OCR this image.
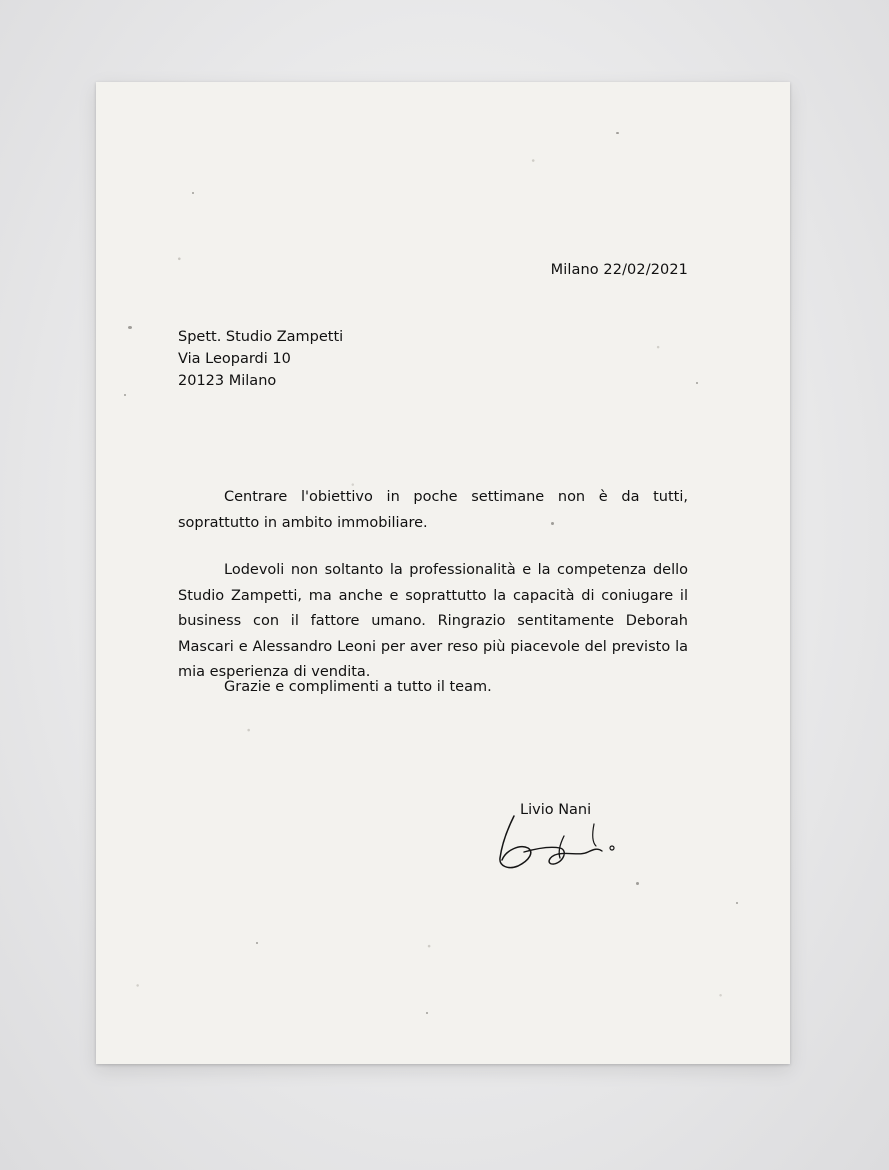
Milano 22/02/2021
Spett. Studio Zampetti
Via Leopardi 10
20123 Milano

Centrare l'obiettivo in poche settimane non è da tutti, soprattutto in ambito immobiliare.

Lodevoli non soltanto la professionalità e la competenza dello Studio Zampetti, ma anche e soprattutto la capacità di coniugare il business con il fattore umano. Ringrazio sentitamente Deborah Mascari e Alessandro Leoni per aver reso più piacevole del previsto la mia esperienza di vendita.

Grazie e complimenti a tutto il team.
Livio Nani
